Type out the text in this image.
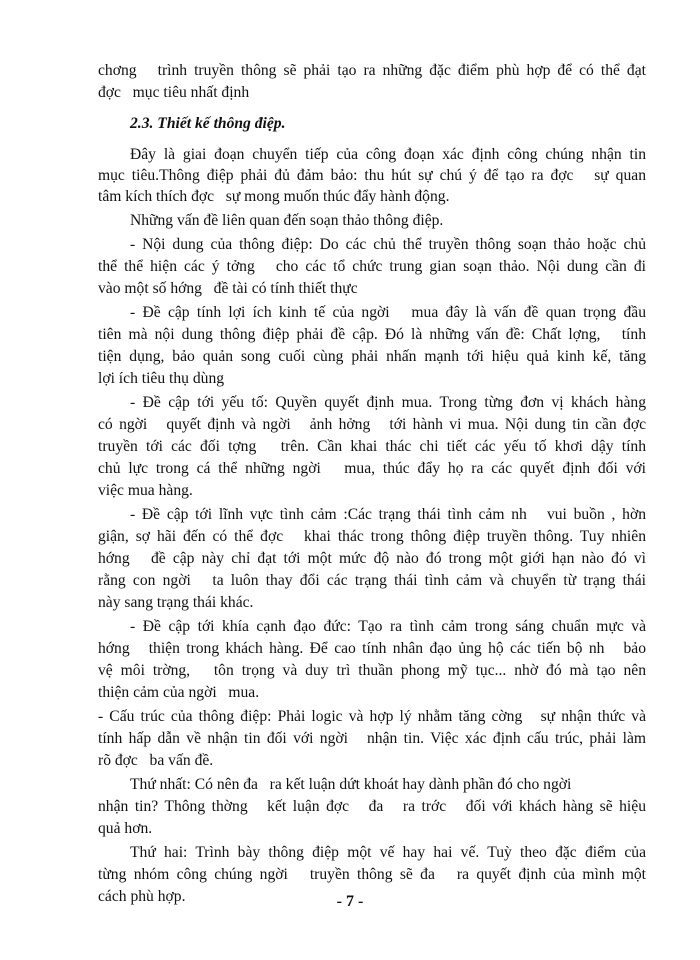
chơng   trình truyền thông sẽ phải tạo ra những đặc điểm phù hợp để có thể đạt
đợc   mục tiêu nhất định
2.3. Thiết kế thông điệp.
Đây là giai đoạn chuyển tiếp của công đoạn xác định công chúng nhận tin
mục tiêu.Thông điệp phải đủ đảm bảo: thu hút sự chú ý để tạo ra đợc   sự quan
tâm kích thích đợc   sự mong muốn thúc đẩy hành động.
Những vấn đề liên quan đến soạn thảo thông điệp.
- Nội dung của thông điệp: Do các chủ thể truyền thông soạn thảo hoặc chủ
thể thể hiện các ý tởng   cho các tổ chức trung gian soạn thảo. Nội dung cần đi
vào một số hớng   đề tài có tính thiết thực
- Đề cập tính lợi ích kinh tế của ngời   mua đây là vấn đề quan trọng đầu
tiên mà nội dung thông điệp phải đề cập. Đó là những vấn đề: Chất lợng,   tính
tiện dụng, bảo quản song cuối cùng phải nhấn mạnh tới hiệu quả kinh kế, tăng
lợi ích tiêu thụ dùng
- Đề cập tới yếu tố: Quyền quyết định mua. Trong từng đơn vị khách hàng
có ngời   quyết định và ngời   ảnh hởng   tới hành vi mua. Nội dung tin cần đợc
truyền tới các đối tợng   trên. Cần khai thác chi tiết các yếu tố khơi dậy tính
chủ lực trong cá thể những ngời   mua, thúc đẩy họ ra các quyết định đối với
việc mua hàng.
- Đề cập tới lĩnh vực tình cảm :Các trạng thái tình cảm nh   vui buồn , hờn
giận, sợ hãi đến có thể đợc   khai thác trong thông điệp truyền thông. Tuy nhiên
hớng   đề cập này chỉ đạt tới một mức độ nào đó trong một giới hạn nào đó vì
rằng con ngời   ta luôn thay đổi các trạng thái tình cảm và chuyển từ trạng thái
này sang trạng thái khác.
- Đề cập tới khía cạnh đạo đức: Tạo ra tình cảm trong sáng chuẩn mực và
hớng   thiện trong khách hàng. Để cao tính nhân đạo ủng hộ các tiến bộ nh   bảo
vệ môi trờng,   tôn trọng và duy trì thuần phong mỹ tục... nhờ đó mà tạo nên
thiện cảm của ngời   mua.
- Cấu trúc của thông điệp: Phải logic và hợp lý nhằm tăng cờng   sự nhận thức và
tính hấp dẫn về nhận tin đối với ngời   nhận tin. Việc xác định cấu trúc, phải làm
rõ đợc   ba vấn đề.
Thứ nhất: Có nên đa   ra kết luận dứt khoát hay dành phần đó cho ngời
nhận tin? Thông thờng   kết luận đợc   đa   ra trớc   đối với khách hàng sẽ hiệu
quả hơn.
Thứ hai: Trình bày thông điệp một vế hay hai vế. Tuỳ theo đặc điểm của
từng nhóm công chúng ngời   truyền thông sẽ đa   ra quyết định của mình một
cách phù hợp.	- 7 -
